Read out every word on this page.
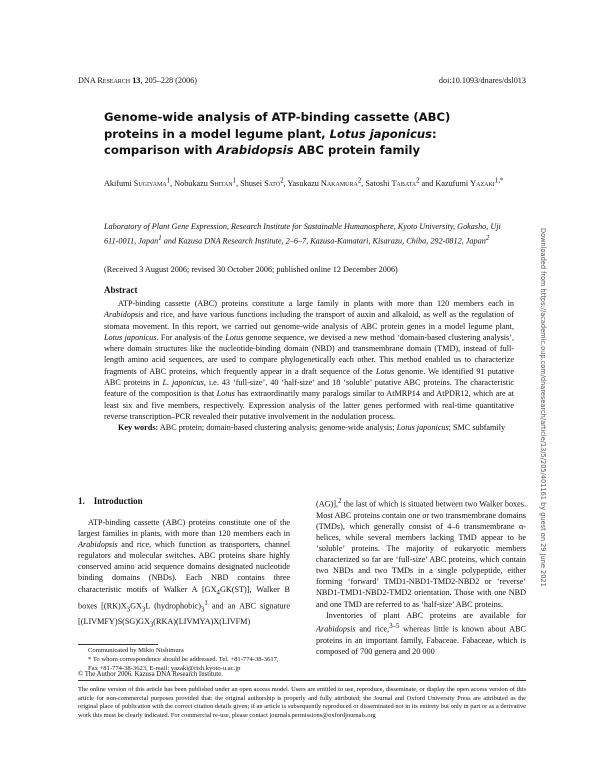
DNA Research 13, 205–228 (2006)	doi:10.1093/dnares/dsl013
Genome-wide analysis of ATP-binding cassette (ABC) proteins in a model legume plant, Lotus japonicus: comparison with Arabidopsis ABC protein family
Akifumi Sugiyama$^1$, Nobukazu Shitan$^1$, Shusei Sato$^2$, Yasukazu Nakamura$^2$, Satoshi Tabata$^2$ and Kazufumi Yazaki$^{1,*}$
Laboratory of Plant Gene Expression, Research Institute for Sustainable Humanosphere, Kyoto University, Gokasho, Uji 611-0011, Japan$^1$ and Kazusa DNA Research Institute, 2–6–7, Kazusa-Kamatari, Kisarazu, Chiba, 292-0812, Japan$^2$
(Received 3 August 2006; revised 30 October 2006; published online 12 December 2006)
Abstract

ATP-binding cassette (ABC) proteins constitute a large family in plants with more than 120 members each in Arabidopsis and rice, and have various functions including the transport of auxin and alkaloid, as well as the regulation of stomata movement. In this report, we carried out genome-wide analysis of ABC protein genes in a model legume plant, Lotus japonicus. For analysis of the Lotus genome sequence, we devised a new method ‘domain-based clustering analysis’, where domain structures like the nucleotide-binding domain (NBD) and transmembrane domain (TMD), instead of full-length amino acid sequences, are used to compare phylogenetically each other. This method enabled us to characterize fragments of ABC proteins, which frequently appear in a draft sequence of the Lotus genome. We identified 91 putative ABC proteins in L. japonicus, i.e. 43 ‘full-size’, 40 ‘half-size’ and 18 ‘soluble’ putative ABC proteins. The characteristic feature of the composition is that Lotus has extraordinarily many paralogs similar to AtMRP14 and AtPDR12, which are at least six and five members, respectively. Expression analysis of the latter genes performed with real-time quantitative reverse transcription–PCR revealed their putative involvement in the nodulation process.

Key words: ABC protein; domain-based clustering analysis; genome-wide analysis; Lotus japonicus; SMC subfamily

1. Introduction

ATP-binding cassette (ABC) proteins constitute one of the largest families in plants, with more than 120 members each in Arabidopsis and rice, which function as transporters, channel regulators and molecular switches. ABC proteins share highly conserved amino acid sequence domains designated nucleotide binding domains (NBDs). Each NBD contains three characteristic motifs of Walker A $[GX_4GK(ST)]$, Walker B boxes [$(RK)X_3GX_3L$ $(hydrophobic)_3^1$ and an ABC signature [$(LIVMFY)S(SG)GX_3(RKA)(LIVMYA)X(LIVFM)$

Communicated by Mikio Nishimura
* To whom correspondence should be addressed. Tel. +81-774-38-3617, Fax +81-774-38-3623, E-mail: yazaki@rish.kyoto-u.ac.jp
© The Author 2006. Kazusa DNA Research Institute.
The online version of this article has been published under an open access model. Users are entitled to use, reproduce, disseminate, or display the open access version of this article for non-commercial purposes provided that: the original authorship is properly and fully attributed; the Journal and Oxford University Press are attributed as the original place of publication with the correct citation details given; if an article is subsequently reproduced or disseminated not in its entirety but only in part or as a derivative work this must be clearly indicated. For commercial re-use, please contact journals.permissions@oxfordjournals.org

(AG)],$^2$ the last of which is situated between two Walker boxes. Most ABC proteins contain one or two transmembrane domains (TMDs), which generally consist of 4–6 transmembrane α-helices, while several members lacking TMD appear to be ‘soluble’ proteins. The majority of eukaryotic members characterized so far are ‘full-size’ ABC proteins, which contain two NBDs and two TMDs in a single polypeptide, either forming ‘forward’ TMD1-NBD1-TMD2-NBD2 or ‘reverse’ NBD1-TMD1-NBD2-TMD2 orientation. Those with one NBD and one TMD are referred to as ‘half-size’ ABC proteins.

Inventories of plant ABC proteins are available for Arabidopsis and rice,$^{3-5}$ whereas little is known about ABC proteins in an important family, Fabaceae. Fabaceae, which is composed of 700 genera and 20 000

Downloaded from https://academic.oup.com/dnaresearch/article/13/5/205/401161 by guest on 29 June 2021
